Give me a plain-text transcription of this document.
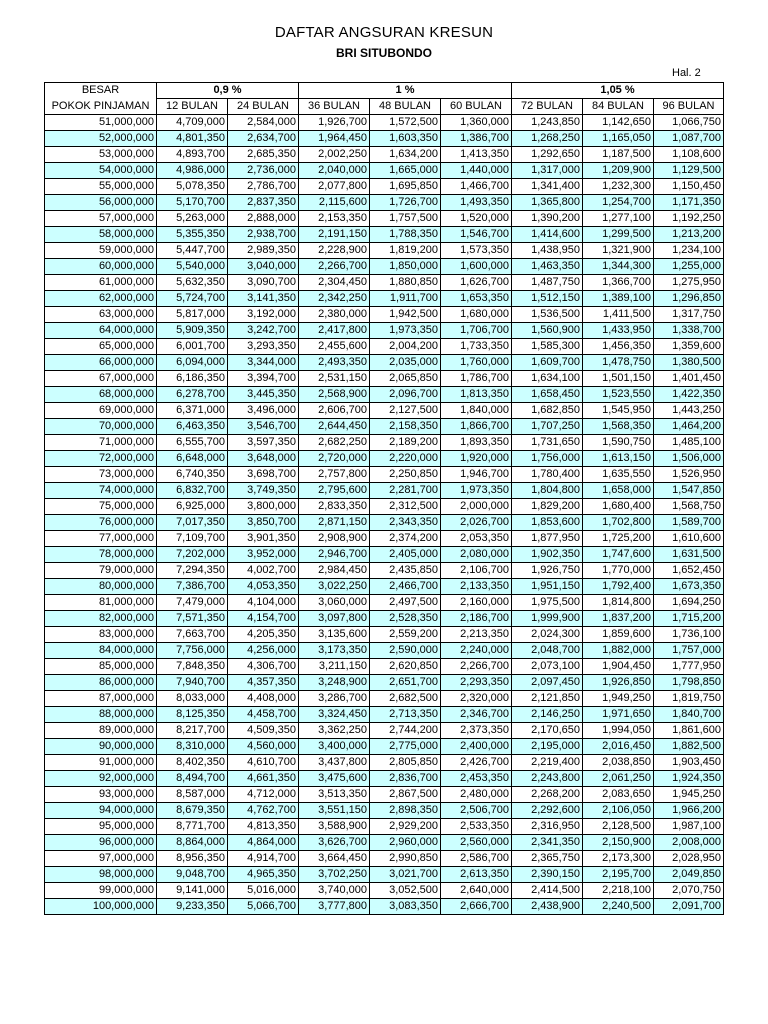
DAFTAR ANGSURAN KRESUN
BRI SITUBONDO
Hal. 2
BESAR	0,9 %		1 %			1,05 %		
POKOK PINJAMAN	12 BULAN	24 BULAN	36 BULAN	48 BULAN	60 BULAN	72 BULAN	84 BULAN	96 BULAN
51,000,000	4,709,000	2,584,000	1,926,700	1,572,500	1,360,000	1,243,850	1,142,650	1,066,750
52,000,000	4,801,350	2,634,700	1,964,450	1,603,350	1,386,700	1,268,250	1,165,050	1,087,700
53,000,000	4,893,700	2,685,350	2,002,250	1,634,200	1,413,350	1,292,650	1,187,500	1,108,600
54,000,000	4,986,000	2,736,000	2,040,000	1,665,000	1,440,000	1,317,000	1,209,900	1,129,500
55,000,000	5,078,350	2,786,700	2,077,800	1,695,850	1,466,700	1,341,400	1,232,300	1,150,450
56,000,000	5,170,700	2,837,350	2,115,600	1,726,700	1,493,350	1,365,800	1,254,700	1,171,350
57,000,000	5,263,000	2,888,000	2,153,350	1,757,500	1,520,000	1,390,200	1,277,100	1,192,250
58,000,000	5,355,350	2,938,700	2,191,150	1,788,350	1,546,700	1,414,600	1,299,500	1,213,200
59,000,000	5,447,700	2,989,350	2,228,900	1,819,200	1,573,350	1,438,950	1,321,900	1,234,100
60,000,000	5,540,000	3,040,000	2,266,700	1,850,000	1,600,000	1,463,350	1,344,300	1,255,000
61,000,000	5,632,350	3,090,700	2,304,450	1,880,850	1,626,700	1,487,750	1,366,700	1,275,950
62,000,000	5,724,700	3,141,350	2,342,250	1,911,700	1,653,350	1,512,150	1,389,100	1,296,850
63,000,000	5,817,000	3,192,000	2,380,000	1,942,500	1,680,000	1,536,500	1,411,500	1,317,750
64,000,000	5,909,350	3,242,700	2,417,800	1,973,350	1,706,700	1,560,900	1,433,950	1,338,700
65,000,000	6,001,700	3,293,350	2,455,600	2,004,200	1,733,350	1,585,300	1,456,350	1,359,600
66,000,000	6,094,000	3,344,000	2,493,350	2,035,000	1,760,000	1,609,700	1,478,750	1,380,500
67,000,000	6,186,350	3,394,700	2,531,150	2,065,850	1,786,700	1,634,100	1,501,150	1,401,450
68,000,000	6,278,700	3,445,350	2,568,900	2,096,700	1,813,350	1,658,450	1,523,550	1,422,350
69,000,000	6,371,000	3,496,000	2,606,700	2,127,500	1,840,000	1,682,850	1,545,950	1,443,250
70,000,000	6,463,350	3,546,700	2,644,450	2,158,350	1,866,700	1,707,250	1,568,350	1,464,200
71,000,000	6,555,700	3,597,350	2,682,250	2,189,200	1,893,350	1,731,650	1,590,750	1,485,100
72,000,000	6,648,000	3,648,000	2,720,000	2,220,000	1,920,000	1,756,000	1,613,150	1,506,000
73,000,000	6,740,350	3,698,700	2,757,800	2,250,850	1,946,700	1,780,400	1,635,550	1,526,950
74,000,000	6,832,700	3,749,350	2,795,600	2,281,700	1,973,350	1,804,800	1,658,000	1,547,850
75,000,000	6,925,000	3,800,000	2,833,350	2,312,500	2,000,000	1,829,200	1,680,400	1,568,750
76,000,000	7,017,350	3,850,700	2,871,150	2,343,350	2,026,700	1,853,600	1,702,800	1,589,700
77,000,000	7,109,700	3,901,350	2,908,900	2,374,200	2,053,350	1,877,950	1,725,200	1,610,600
78,000,000	7,202,000	3,952,000	2,946,700	2,405,000	2,080,000	1,902,350	1,747,600	1,631,500
79,000,000	7,294,350	4,002,700	2,984,450	2,435,850	2,106,700	1,926,750	1,770,000	1,652,450
80,000,000	7,386,700	4,053,350	3,022,250	2,466,700	2,133,350	1,951,150	1,792,400	1,673,350
81,000,000	7,479,000	4,104,000	3,060,000	2,497,500	2,160,000	1,975,500	1,814,800	1,694,250
82,000,000	7,571,350	4,154,700	3,097,800	2,528,350	2,186,700	1,999,900	1,837,200	1,715,200
83,000,000	7,663,700	4,205,350	3,135,600	2,559,200	2,213,350	2,024,300	1,859,600	1,736,100
84,000,000	7,756,000	4,256,000	3,173,350	2,590,000	2,240,000	2,048,700	1,882,000	1,757,000
85,000,000	7,848,350	4,306,700	3,211,150	2,620,850	2,266,700	2,073,100	1,904,450	1,777,950
86,000,000	7,940,700	4,357,350	3,248,900	2,651,700	2,293,350	2,097,450	1,926,850	1,798,850
87,000,000	8,033,000	4,408,000	3,286,700	2,682,500	2,320,000	2,121,850	1,949,250	1,819,750
88,000,000	8,125,350	4,458,700	3,324,450	2,713,350	2,346,700	2,146,250	1,971,650	1,840,700
89,000,000	8,217,700	4,509,350	3,362,250	2,744,200	2,373,350	2,170,650	1,994,050	1,861,600
90,000,000	8,310,000	4,560,000	3,400,000	2,775,000	2,400,000	2,195,000	2,016,450	1,882,500
91,000,000	8,402,350	4,610,700	3,437,800	2,805,850	2,426,700	2,219,400	2,038,850	1,903,450
92,000,000	8,494,700	4,661,350	3,475,600	2,836,700	2,453,350	2,243,800	2,061,250	1,924,350
93,000,000	8,587,000	4,712,000	3,513,350	2,867,500	2,480,000	2,268,200	2,083,650	1,945,250
94,000,000	8,679,350	4,762,700	3,551,150	2,898,350	2,506,700	2,292,600	2,106,050	1,966,200
95,000,000	8,771,700	4,813,350	3,588,900	2,929,200	2,533,350	2,316,950	2,128,500	1,987,100
96,000,000	8,864,000	4,864,000	3,626,700	2,960,000	2,560,000	2,341,350	2,150,900	2,008,000
97,000,000	8,956,350	4,914,700	3,664,450	2,990,850	2,586,700	2,365,750	2,173,300	2,028,950
98,000,000	9,048,700	4,965,350	3,702,250	3,021,700	2,613,350	2,390,150	2,195,700	2,049,850
99,000,000	9,141,000	5,016,000	3,740,000	3,052,500	2,640,000	2,414,500	2,218,100	2,070,750
100,000,000	9,233,350	5,066,700	3,777,800	3,083,350	2,666,700	2,438,900	2,240,500	2,091,700
